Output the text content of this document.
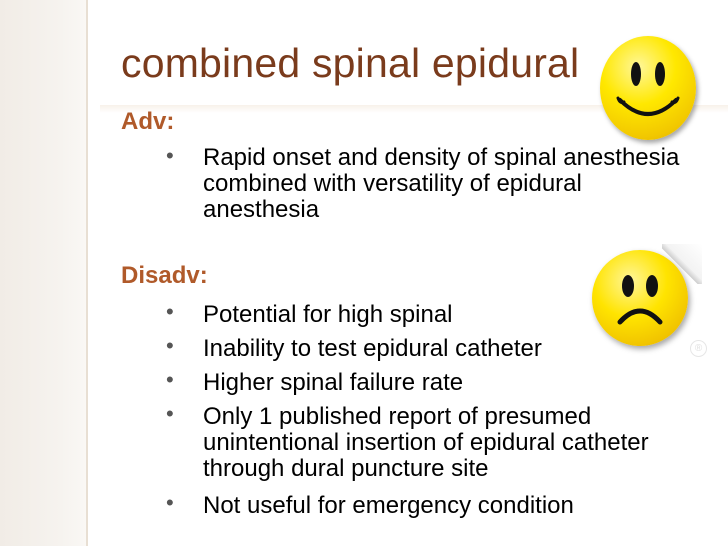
combined spinal epidural
®
Adv:
• Rapid onset and density of spinal anesthesia combined with versatility of epidural anesthesia
Disadv:
• Potential for high spinal
• Inability to test epidural catheter
• Higher spinal failure rate
• Only 1 published report of presumed unintentional insertion of epidural catheter through dural puncture site
• Not useful for emergency condition
